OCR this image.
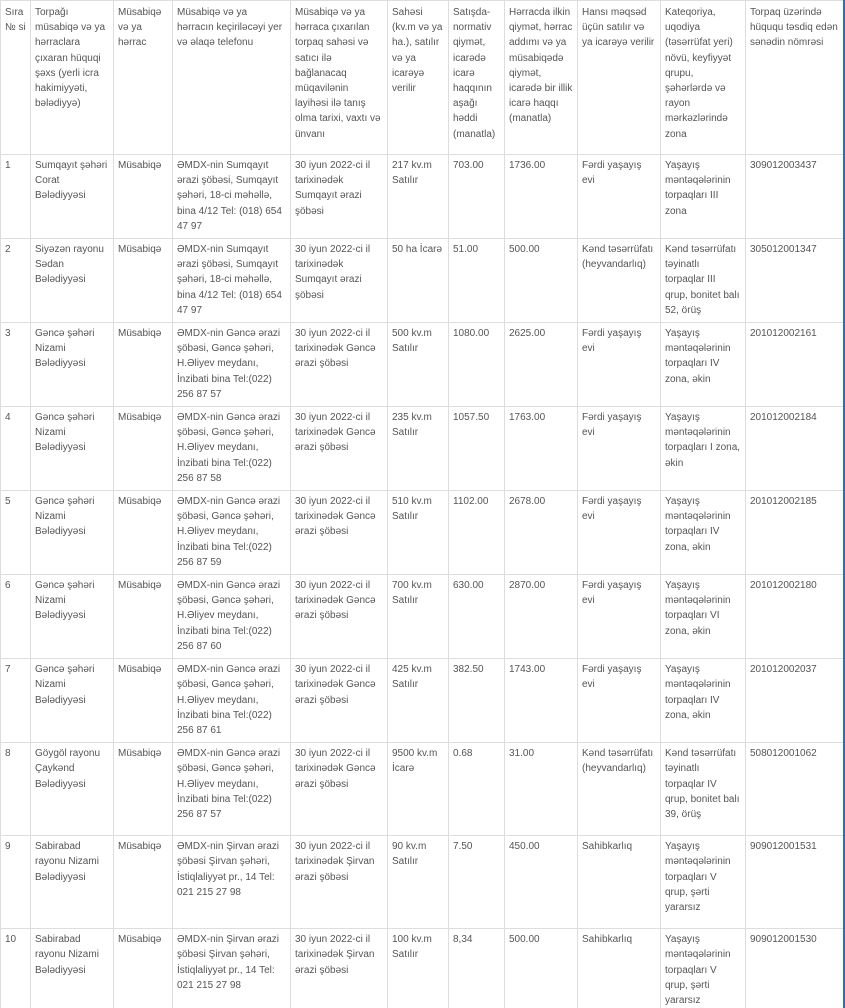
Sıra № si	Torpağı müsabiqə və ya hərraclara çıxaran hüquqi şəxs (yerli icra hakimiyyəti, bələdiyyə)	Müsabiqə və ya hərrac	Müsabiqə və ya hərracın keçiriləcəyi yer və əlaqə telefonu	Müsabiqə və ya hərraca çıxarılan torpaq sahəsi və satıcı ilə bağlanacaq müqavilənin layihəsi ilə tanış olma tarixi, vaxtı və ünvanı	Sahəsi (kv.m və ya ha.), satılır və ya icarəyə verilir	Satışda-normativ qiymət, icarədə icarə haqqının aşağı həddi (manatla)	Hərracda ilkin qiymət, hərrac addımı və ya müsabiqədə qiymət, icarədə bir illik icarə haqqı (manatla)	Hansı məqsəd üçün satılır və ya icarəyə verilir	Kateqoriya, uqodiya (təsərrüfat yeri) növü, keyfiyyət qrupu, şəhərlərdə və rayon mərkəzlərində zona	Torpaq üzərində hüququ təsdiq edən sənədin nömrəsi
1	Sumqayıt şəhəri Corat Bələdiyyəsi	Müsabiqə	ƏMDX-nin Sumqayıt ərazi şöbəsi, Sumqayıt şəhəri, 18-ci məhəllə, bina 4/12 Tel: (018) 654 47 97	30 iyun 2022-ci il tarixinədək Sumqayıt ərazi şöbəsi	217 kv.m Satılır	703.00	1736.00	Fərdi yaşayış evi	Yaşayış məntəqələrinin torpaqları III zona	309012003437
2	Siyəzən rayonu Sədan Bələdiyyəsi	Müsabiqə	ƏMDX-nin Sumqayıt ərazi şöbəsi, Sumqayıt şəhəri, 18-ci məhəllə, bina 4/12 Tel: (018) 654 47 97	30 iyun 2022-ci il tarixinədək Sumqayıt ərazi şöbəsi	50 ha İcarə	51.00	500.00	Kənd təsərrüfatı (heyvandarlıq)	Kənd təsərrüfatı təyinatlı torpaqlar III qrup, bonitet balı 52, örüş	305012001347
3	Gəncə şəhəri Nizami Bələdiyyəsi	Müsabiqə	ƏMDX-nin Gəncə ərazi şöbəsi, Gəncə şəhəri, H.Əliyev meydanı, İnzibati bina Tel:(022) 256 87 57	30 iyun 2022-ci il tarixinədək Gəncə ərazi şöbəsi	500 kv.m Satılır	1080.00	2625.00	Fərdi yaşayış evi	Yaşayış məntəqələrinin torpaqları IV zona, əkin	201012002161
4	Gəncə şəhəri Nizami Bələdiyyəsi	Müsabiqə	ƏMDX-nin Gəncə ərazi şöbəsi, Gəncə şəhəri, H.Əliyev meydanı, İnzibati bina Tel:(022) 256 87 58	30 iyun 2022-ci il tarixinədək Gəncə ərazi şöbəsi	235 kv.m Satılır	1057.50	1763.00	Fərdi yaşayış evi	Yaşayış məntəqələrinin torpaqları I zona, əkin	201012002184
5	Gəncə şəhəri Nizami Bələdiyyəsi	Müsabiqə	ƏMDX-nin Gəncə ərazi şöbəsi, Gəncə şəhəri, H.Əliyev meydanı, İnzibati bina Tel:(022) 256 87 59	30 iyun 2022-ci il tarixinədək Gəncə ərazi şöbəsi	510 kv.m Satılır	1102.00	2678.00	Fərdi yaşayış evi	Yaşayış məntəqələrinin torpaqları IV zona, əkin	201012002185
6	Gəncə şəhəri Nizami Bələdiyyəsi	Müsabiqə	ƏMDX-nin Gəncə ərazi şöbəsi, Gəncə şəhəri, H.Əliyev meydanı, İnzibati bina Tel:(022) 256 87 60	30 iyun 2022-ci il tarixinədək Gəncə ərazi şöbəsi	700 kv.m Satılır	630.00	2870.00	Fərdi yaşayış evi	Yaşayış məntəqələrinin torpaqları VI zona, əkin	201012002180
7	Gəncə şəhəri Nizami Bələdiyyəsi	Müsabiqə	ƏMDX-nin Gəncə ərazi şöbəsi, Gəncə şəhəri, H.Əliyev meydanı, İnzibati bina Tel:(022) 256 87 61	30 iyun 2022-ci il tarixinədək Gəncə ərazi şöbəsi	425 kv.m Satılır	382.50	1743.00	Fərdi yaşayış evi	Yaşayış məntəqələrinin torpaqları IV zona, əkin	201012002037
8	Göygöl rayonu Çaykənd Bələdiyyəsi	Müsabiqə	ƏMDX-nin Gəncə ərazi şöbəsi, Gəncə şəhəri, H.Əliyev meydanı, İnzibati bina Tel:(022) 256 87 57	30 iyun 2022-ci il tarixinədək Gəncə ərazi şöbəsi	9500 kv.m İcarə	0.68	31.00	Kənd təsərrüfatı (heyvandarlıq)	Kənd təsərrüfatı təyinatlı torpaqlar IV qrup, bonitet balı 39, örüş	508012001062
9	Sabirabad rayonu Nizami Bələdiyyəsi	Müsabiqə	ƏMDX-nin Şirvan ərazi şöbəsi Şirvan şəhəri, İstiqlaliyyət pr., 14 Tel: 021 215 27 98	30 iyun 2022-ci il tarixinədək Şirvan ərazi şöbəsi	90 kv.m Satılır	7.50	450.00	Sahibkarlıq	Yaşayış məntəqələrinin torpaqları V qrup, şərti yararsız	909012001531
10	Sabirabad rayonu Nizami Bələdiyyəsi	Müsabiqə	ƏMDX-nin Şirvan ərazi şöbəsi Şirvan şəhəri, İstiqlaliyyət pr., 14 Tel: 021 215 27 98	30 iyun 2022-ci il tarixinədək Şirvan ərazi şöbəsi	100 kv.m Satılır	8,34	500.00	Sahibkarlıq	Yaşayış məntəqələrinin torpaqları V qrup, şərti yararsız	909012001530
